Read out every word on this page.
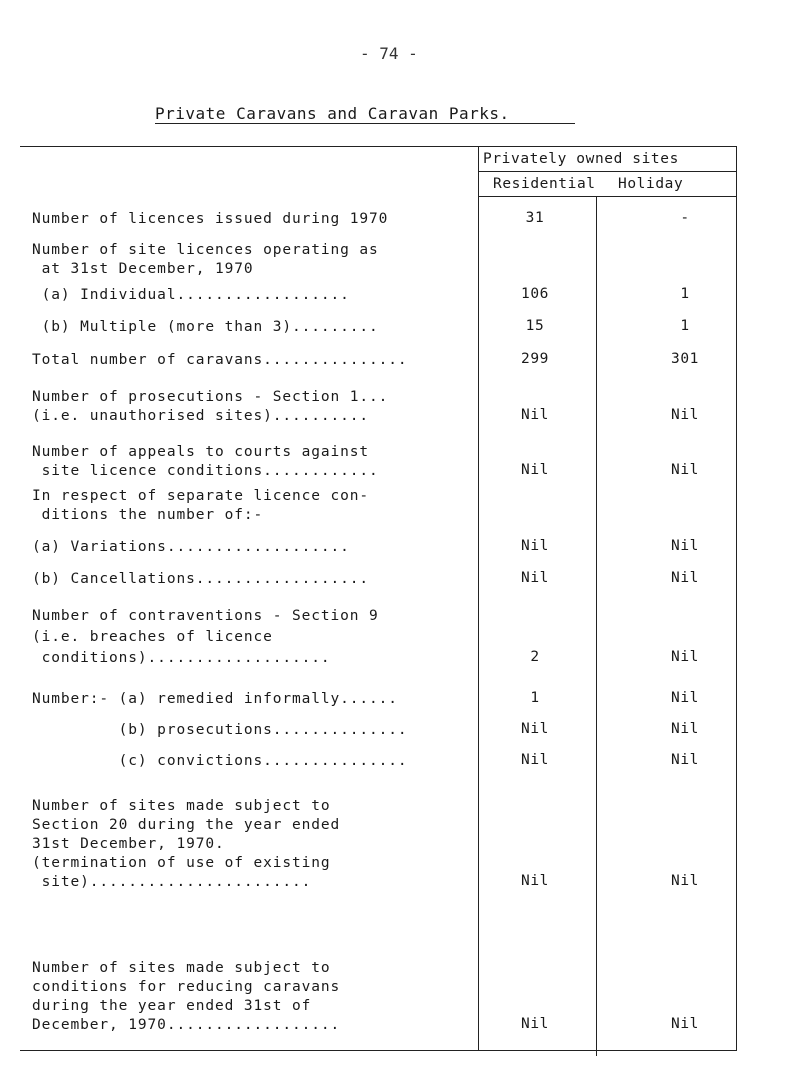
- 74 -
Private Caravans and Caravan Parks.
Privately owned sites
Residential Holiday
Number of licences issued during 1970	31	-
Number of site licences operating as
at 31st December, 1970
(a) Individual..................	106	1
(b) Multiple (more than 3).........	15	1
Total number of caravans...............	299	301
Number of prosecutions - Section 1...
(i.e. unauthorised sites)..........	Nil	Nil
Number of appeals to courts against
site licence conditions............	Nil	Nil
In respect of separate licence con-
ditions the number of:-
(a) Variations...................	Nil	Nil
(b) Cancellations..................	Nil	Nil
Number of contraventions - Section 9
(i.e. breaches of licence
conditions)...................	2	Nil
Number:- (a) remedied informally......	1	Nil
(b) prosecutions..............	Nil	Nil
(c) convictions...............	Nil	Nil
Number of sites made subject to
Section 20 during the year ended
31st December, 1970.
(termination of use of existing
site).......................	Nil	Nil
Number of sites made subject to
conditions for reducing caravans
during the year ended 31st of
December, 1970..................	Nil	Nil
